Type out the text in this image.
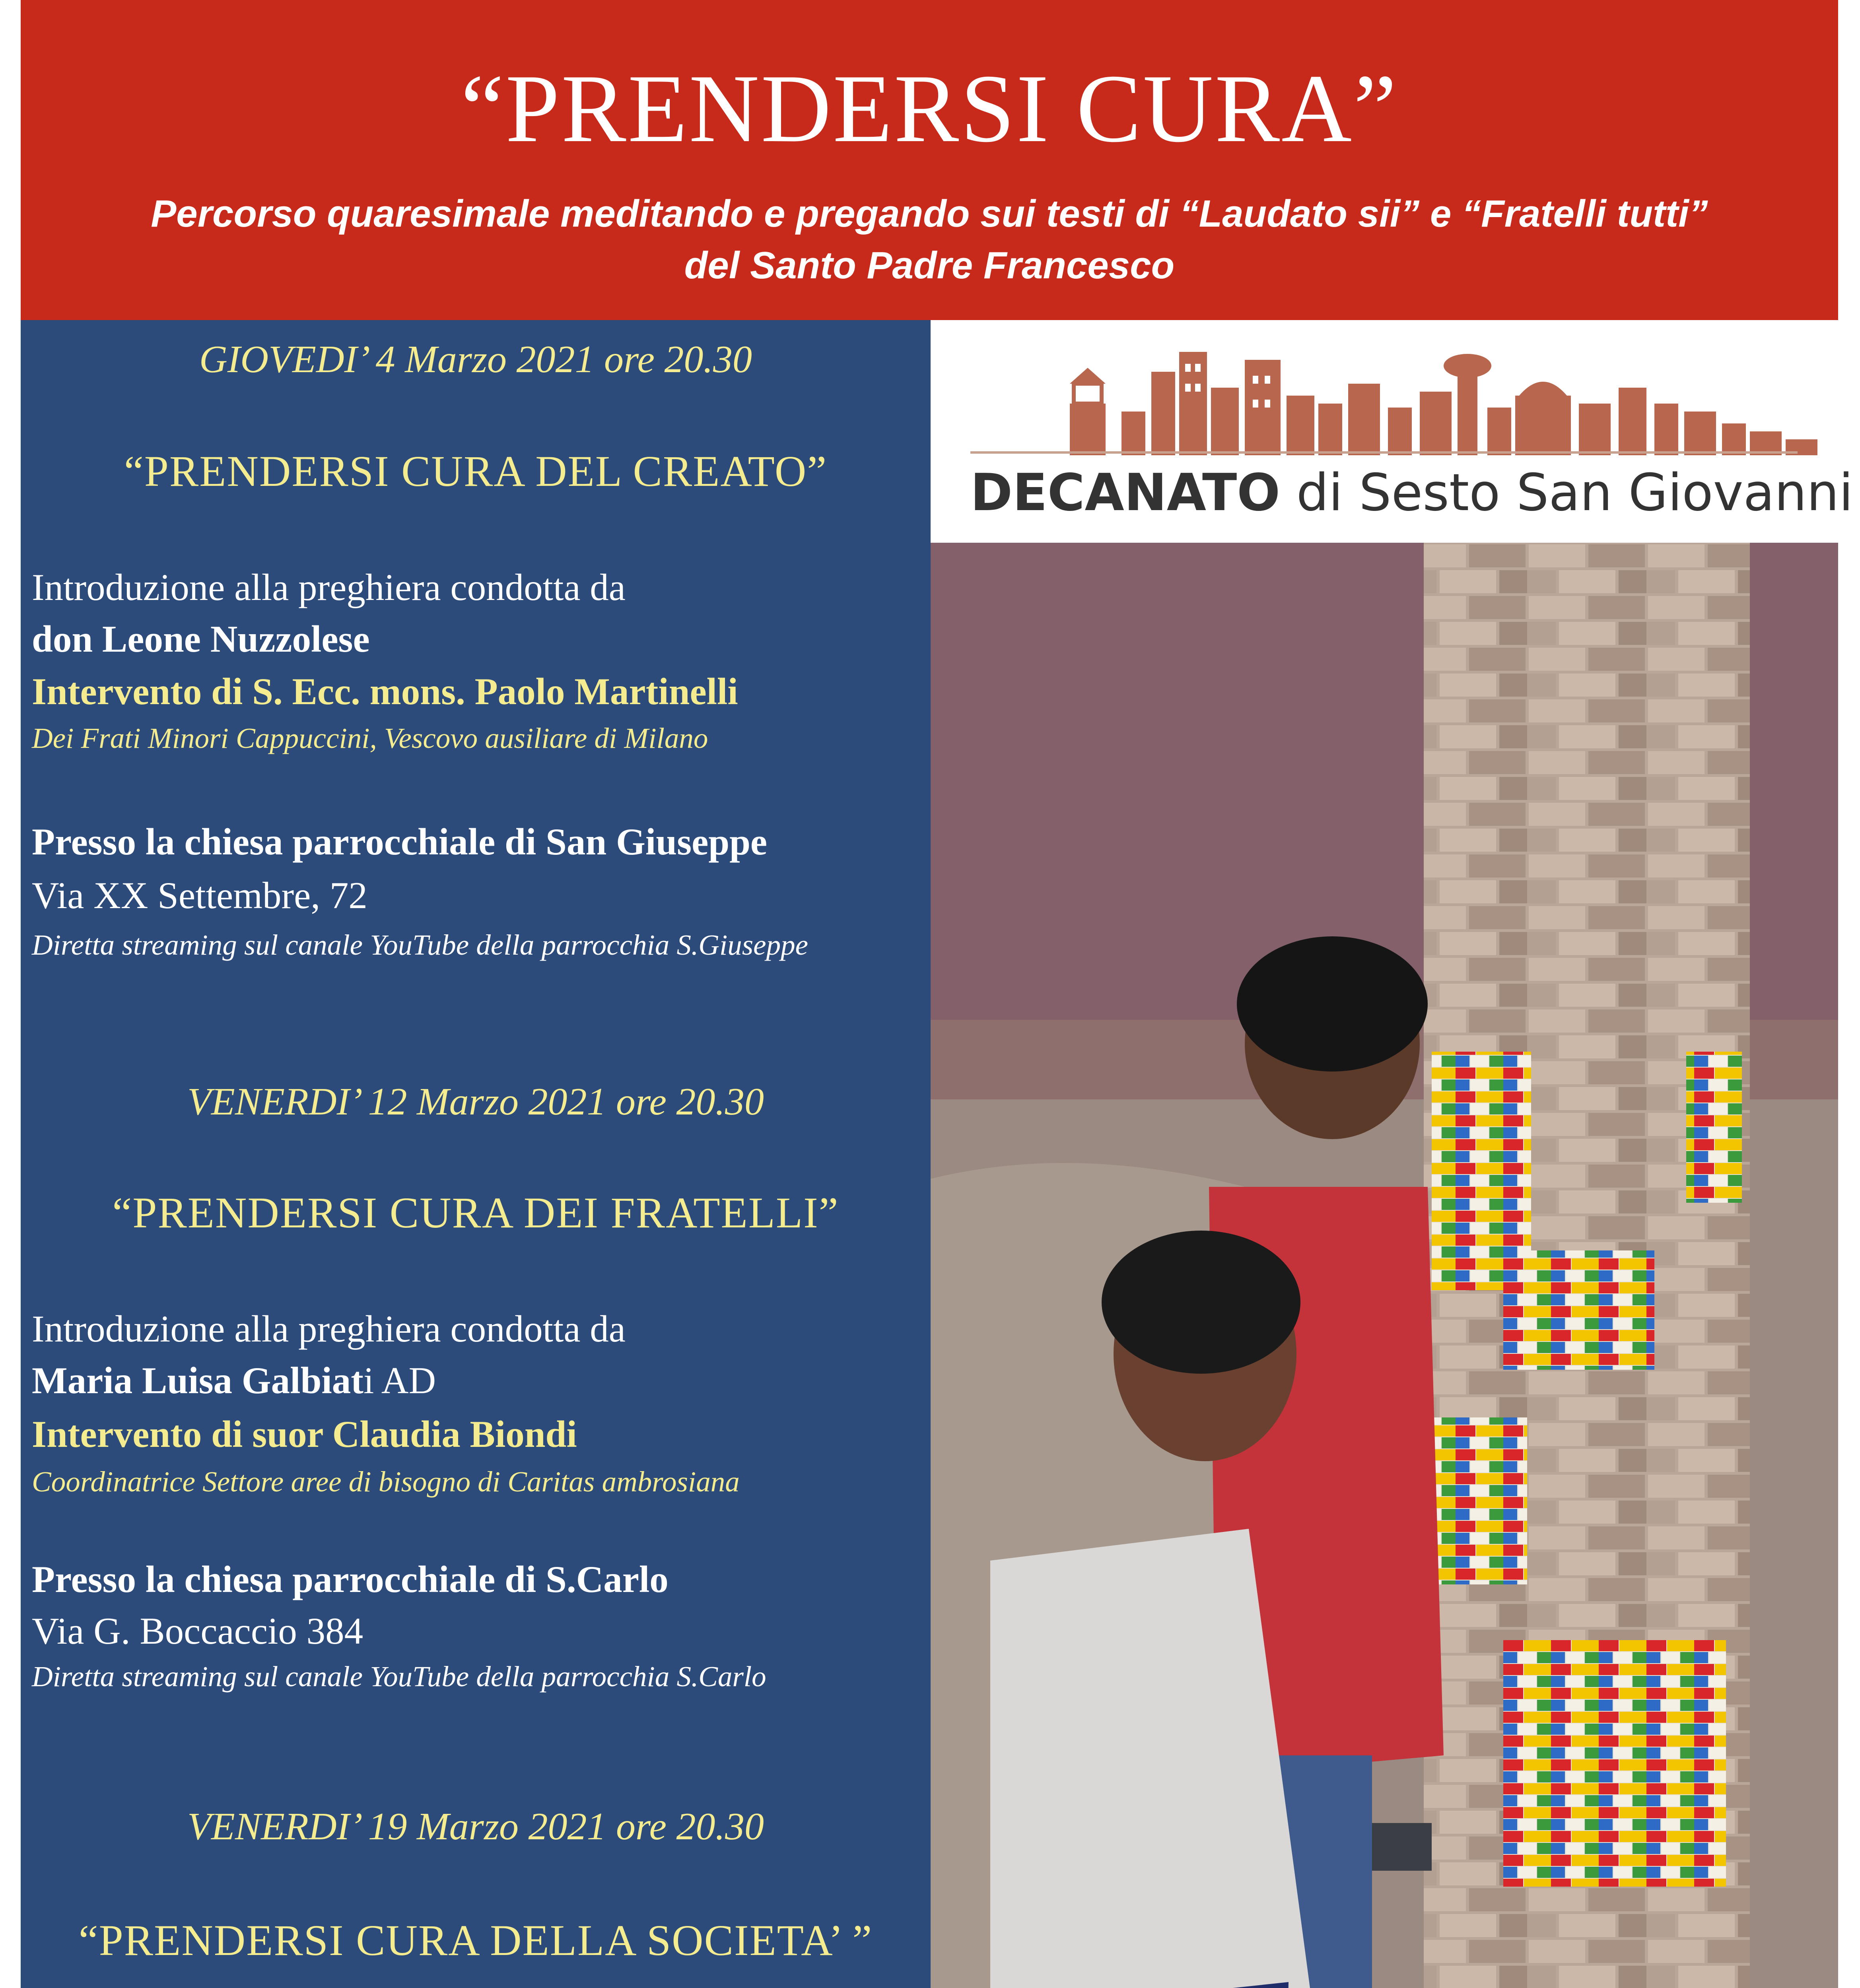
“PRENDERSI CURA”
Percorso quaresimale meditando e pregando sui testi di “Laudato sii” e “Fratelli tutti”
del Santo Padre Francesco
GIOVEDI’ 4 Marzo 2021 ore 20.30
“PRENDERSI CURA DEL CREATO”
Introduzione alla preghiera condotta da
don Leone Nuzzolese
Intervento di S. Ecc. mons. Paolo Martinelli
Dei Frati Minori Cappuccini, Vescovo ausiliare di Milano
Presso la chiesa parrocchiale di San Giuseppe
Via XX Settembre, 72
Diretta streaming sul canale YouTube della parrocchia S.Giuseppe
VENERDI’ 12 Marzo 2021 ore 20.30
“PRENDERSI CURA DEI FRATELLI”
Introduzione alla preghiera condotta da
Maria Luisa Galbiati AD
Intervento di suor Claudia Biondi
Coordinatrice Settore aree di bisogno di Caritas ambrosiana
Presso la chiesa parrocchiale di S.Carlo
Via G. Boccaccio 384
Diretta streaming sul canale YouTube della parrocchia S.Carlo
VENERDI’ 19 Marzo 2021 ore 20.30
“PRENDERSI CURA DELLA SOCIETA’ ”
DECANATO di Sesto San Giovanni
